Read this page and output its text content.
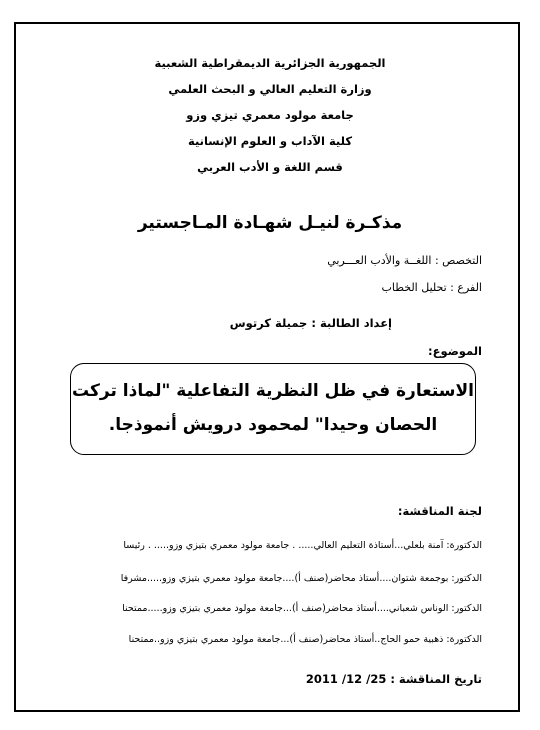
الجمهورية الجزائرية الديمقراطية الشعبية
وزارة التعليم العالي و البحث العلمي
جامعة مولود معمري تيزي وزو
كلية الآداب و العلوم الإنسانية
قسم اللغة و الأدب العربي
مذكـرة لنيـل شهـادة المـاجستير
التخصص : اللغــة والأدب العـــربي
الفرع : تحليل الخطاب
إعداد الطالبة : جميلة كرتوس
الموضوع:
الاستعارة في ظل النظرية التفاعلية "لماذا تركت
الحصان وحيدا" لمحمود درويش أنموذجا.
لجنة المناقشة:
الدكتورة: آمنة بلعلي...أستاذة التعليم العالي..... . جامعة مولود معمري بتيزي وزو..... . رئيسا
الدكتور: بوجمعة شتوان....أستاذ محاضر(صنف أ)....جامعة مولود معمري بتيزي وزو.....مشرفا
الدكتور: الوناس شعباني....أستاذ محاضر(صنف أ)...جامعة مولود معمري بتيزي وزو.....ممتحنا
الدكتورة: ذهبية حمو الحاج..أستاذ محاضر(صنف أ)...جامعة مولود معمري بتيزي وزو..ممتحنا
تاريخ المناقشة : 25/ 12/ 2011
